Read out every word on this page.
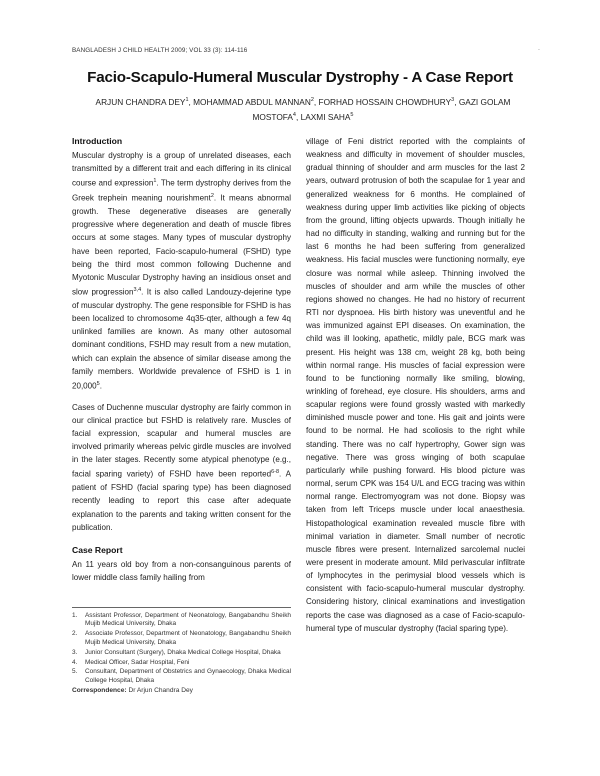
BANGLADESH J CHILD HEALTH 2009; VOL 33 (3): 114-116	.
Facio-Scapulo-Humeral Muscular Dystrophy - A Case Report
ARJUN CHANDRA DEY$^1$, MOHAMMAD ABDUL MANNAN$^2$, FORHAD HOSSAIN CHOWDHURY$^3$, GAZI GOLAM MOSTOFA$^4$, LAXMI SAHA$^5$
Introduction

Muscular dystrophy is a group of unrelated diseases, each transmitted by a different trait and each differing in its clinical course and expression$^1$. The term dystrophy derives from the Greek trephein meaning nourishment$^2$. It means abnormal growth. These degenerative diseases are generally progressive where degeneration and death of muscle fibres occurs at some stages. Many types of muscular dystrophy have been reported, Facio-scapulo-humeral (FSHD) type being the third most common following Duchenne and Myotonic Muscular Dystrophy having an insidious onset and slow progression$^{3,4}$. It is also called Landouzy-dejerine type of muscular dystrophy. The gene responsible for FSHD is has been localized to chromosome 4q35-qter, although a few 4q unlinked families are known. As many other autosomal dominant conditions, FSHD may result from a new mutation, which can explain the absence of similar disease among the family members. Worldwide prevalence of FSHD is 1 in 20,000$^5$.

Cases of Duchenne muscular dystrophy are fairly common in our clinical practice but FSHD is relatively rare. Muscles of facial expression, scapular and humeral muscles are involved primarily whereas pelvic girdle muscles are involved in the later stages. Recently some atypical phenotype (e.g., facial sparing variety) of FSHD have been reported$^{6-8}$. A patient of FSHD (facial sparing type) has been diagnosed recently leading to report this case after adequate explanation to the parents and taking written consent for the publication.

Case Report

An 11 years old boy from a non-consanguinous parents of lower middle class family hailing from

village of Feni district reported with the complaints of weakness and difficulty in movement of shoulder muscles, gradual thinning of shoulder and arm muscles for the last 2 years, outward protrusion of both the scapulae for 1 year and generalized weakness for 6 months. He complained of weakness during upper limb activities like picking of objects from the ground, lifting objects upwards. Though initially he had no difficulty in standing, walking and running but for the last 6 months he had been suffering from generalized weakness. His facial muscles were functioning normally, eye closure was normal while asleep. Thinning involved the muscles of shoulder and arm while the muscles of other regions showed no changes. He had no history of recurrent RTI nor dyspnoea. His birth history was uneventful and he was immunized against EPI diseases. On examination, the child was ill looking, apathetic, mildly pale, BCG mark was present. His height was 138 cm, weight 28 kg, both being within normal range. His muscles of facial expression were found to be functioning normally like smiling, blowing, wrinkling of forehead, eye closure. His shoulders, arms and scapular regions were found grossly wasted with markedly diminished muscle power and tone. His gait and joints were found to be normal. He had scoliosis to the right while standing. There was no calf hypertrophy, Gower sign was negative. There was gross winging of both scapulae particularly while pushing forward. His blood picture was normal, serum CPK was 154 U/L and ECG tracing was within normal range. Electromyogram was not done. Biopsy was taken from left Triceps muscle under local anaesthesia. Histopathological examination revealed muscle fibre with minimal variation in diameter. Small number of necrotic muscle fibres were present. Internalized sarcolemal nuclei were present in moderate amount. Mild perivascular infiltrate of lymphocytes in the perimysial blood vessels which is consistent with facio-scapulo-humeral muscular dystrophy. Considering history, clinical examinations and investigation reports the case was diagnosed as a case of Facio-scapulo-humeral type of muscular dystrophy (facial sparing type).

1.	Assistant Professor, Department of Neonatology, Bangabandhu Sheikh Mujib Medical University, Dhaka
2.	Associate Professor, Department of Neonatology, Bangabandhu Sheikh Mujib Medical University, Dhaka
3.	Junior Consultant (Surgery), Dhaka Medical College Hospital, Dhaka
4.	Medical Officer, Sadar Hospital, Feni
5.	Consultant, Department of Obstetrics and Gynaecology, Dhaka Medical College Hospital, Dhaka
Correspondence: Dr Arjun Chandra Dey
